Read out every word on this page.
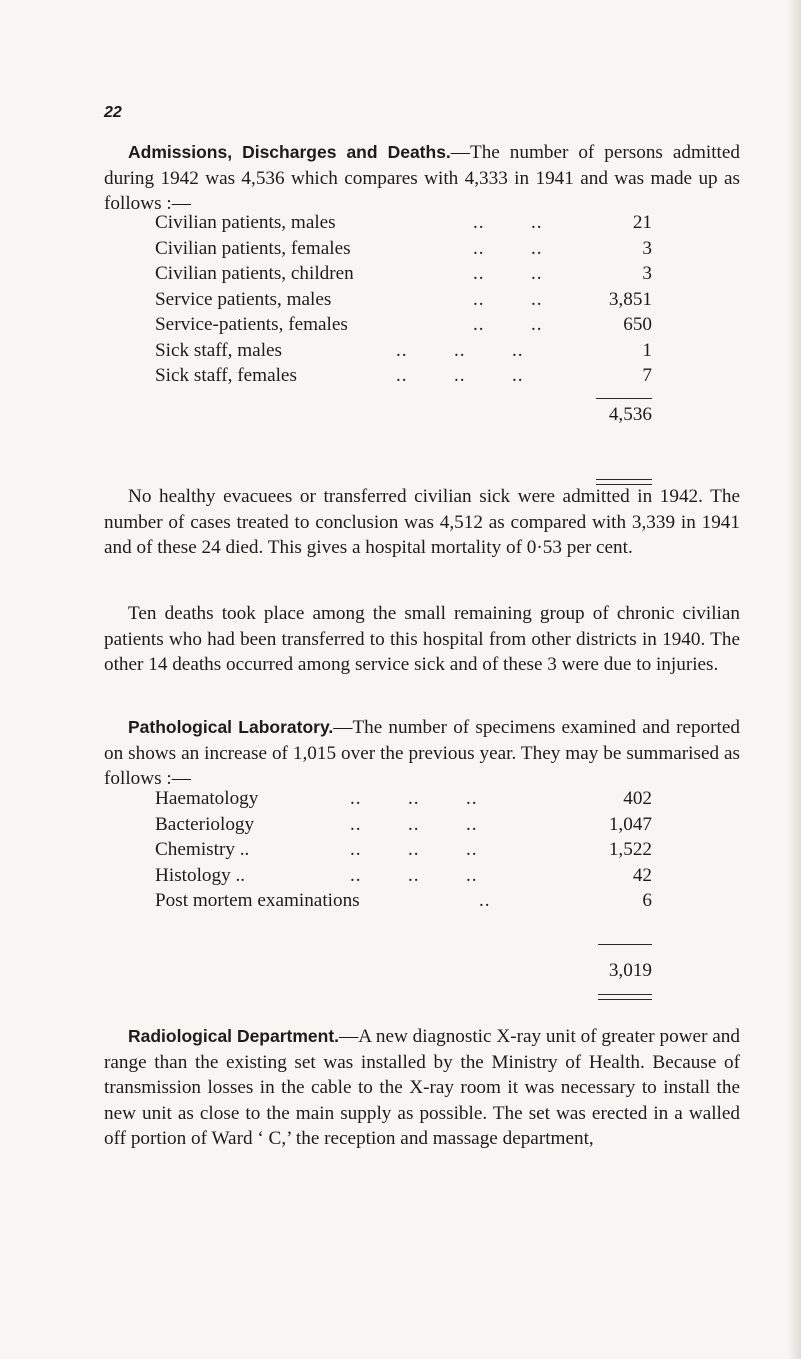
22

Admissions, Discharges and Deaths.—The number of persons admitted during 1942 was 4,536 which compares with 4,333 in 1941 and was made up as follows :—

Civilian patients, males	..        ..	21
Civilian patients, females	..        ..	3
Civilian patients, children	..        ..	3
Service patients, males	..        ..	3,851
Service-patients, females	..        ..	650
Sick staff, males	..        ..        ..	1
Sick staff, females	..        ..        ..	7
4,536

No healthy evacuees or transferred civilian sick were admitted in 1942. The number of cases treated to conclusion was 4,512 as compared with 3,339 in 1941 and of these 24 died. This gives a hospital mortality of 0·53 per cent.

Ten deaths took place among the small remaining group of chronic civilian patients who had been transferred to this hospital from other districts in 1940. The other 14 deaths occurred among service sick and of these 3 were due to injuries.

Pathological Laboratory.—The number of specimens examined and reported on shows an increase of 1,015 over the previous year. They may be summarised as follows :—

Haematology	..        ..        ..	402
Bacteriology	..        ..        ..	1,047
Chemistry ..	..        ..        ..	1,522
Histology ..	..        ..        ..	42
Post mortem examinations	..	6
3,019

Radiological Department.—A new diagnostic X-ray unit of greater power and range than the existing set was installed by the Ministry of Health. Because of transmission losses in the cable to the X-ray room it was necessary to install the new unit as close to the main supply as possible. The set was erected in a walled off portion of Ward ‘ C,’ the reception and massage department,
